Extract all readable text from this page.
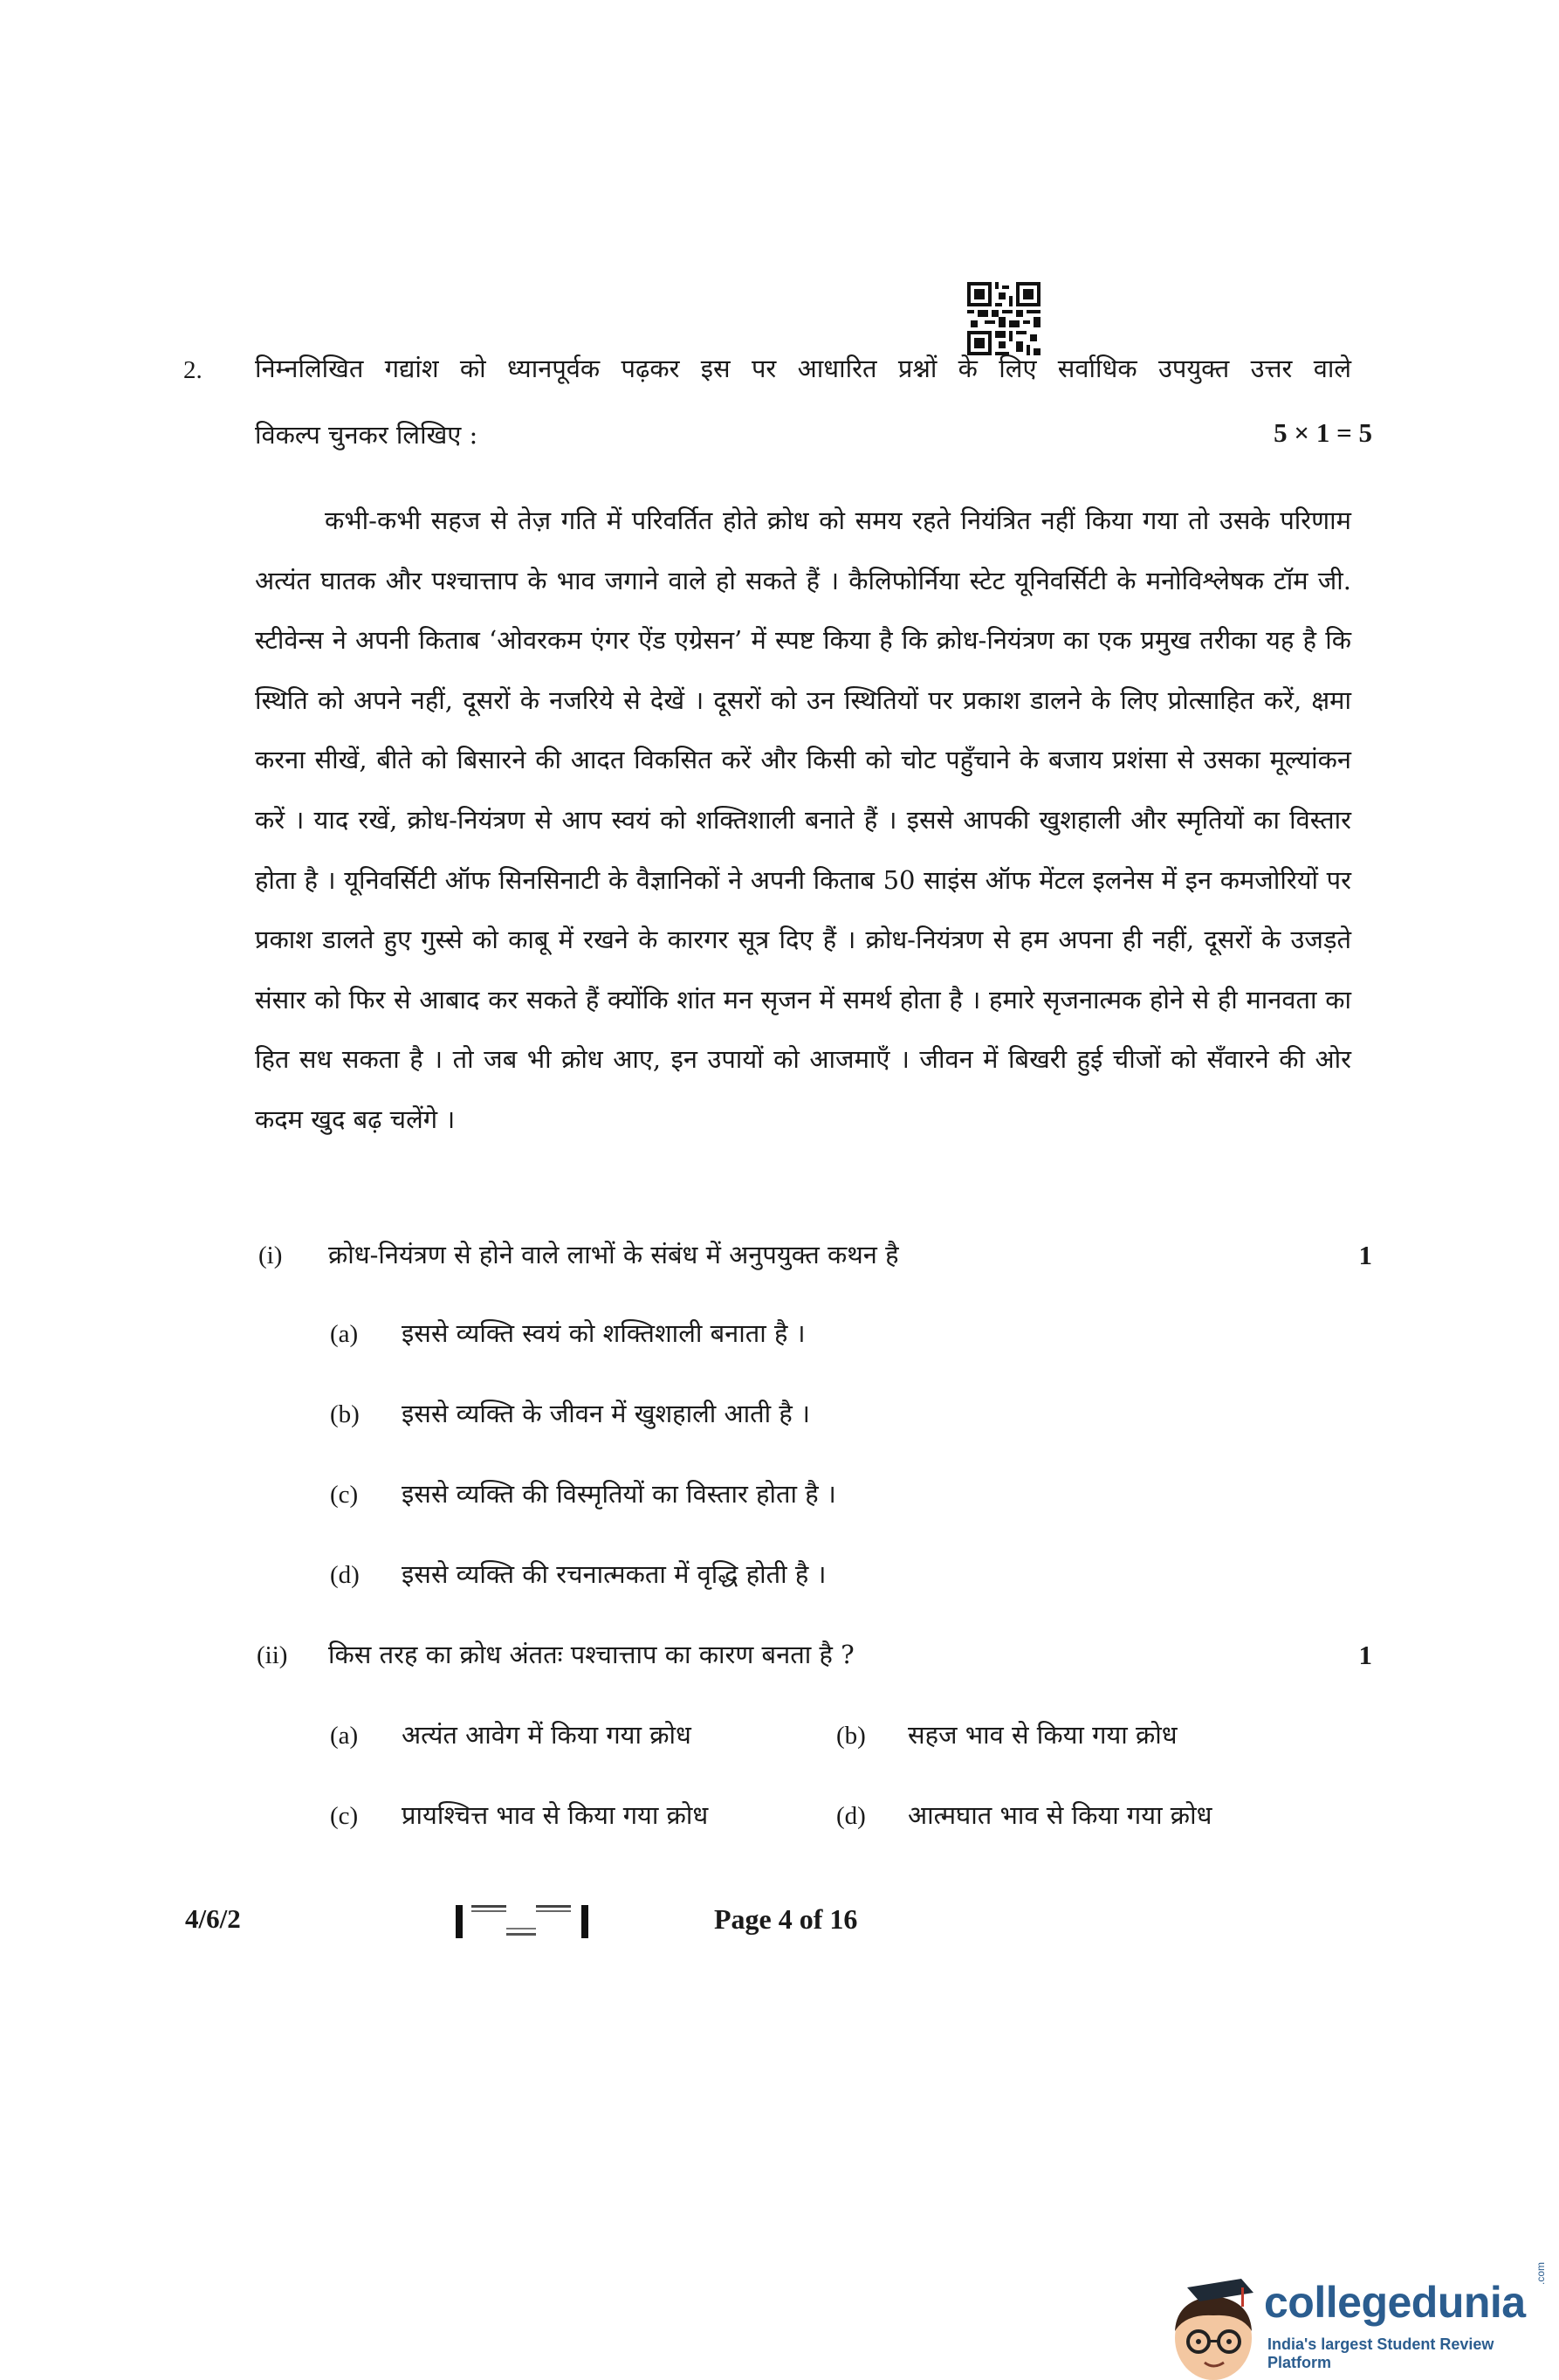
2. निम्नलिखित गद्यांश को ध्यानपूर्वक पढ़कर इस पर आधारित प्रश्नों के लिए सर्वाधिक उपयुक्त उत्तर वाले
विकल्प चुनकर लिखिए :	5 × 1 = 5

कभी-कभी सहज से तेज़ गति में परिवर्तित होते क्रोध को समय रहते नियंत्रित नहीं किया गया तो उसके परिणाम अत्यंत घातक और पश्चात्ताप के भाव जगाने वाले हो सकते हैं । कैलिफोर्निया स्टेट यूनिवर्सिटी के मनोविश्लेषक टॉम जी. स्टीवेन्स ने अपनी किताब ‘ओवरकम एंगर ऐंड एग्रेसन’ में स्पष्ट किया है कि क्रोध-नियंत्रण का एक प्रमुख तरीका यह है कि स्थिति को अपने नहीं, दूसरों के नजरिये से देखें । दूसरों को उन स्थितियों पर प्रकाश डालने के लिए प्रोत्साहित करें, क्षमा करना सीखें, बीते को बिसारने की आदत विकसित करें और किसी को चोट पहुँचाने के बजाय प्रशंसा से उसका मूल्यांकन करें । याद रखें, क्रोध-नियंत्रण से आप स्वयं को शक्तिशाली बनाते हैं । इससे आपकी खुशहाली और स्मृतियों का विस्तार होता है । यूनिवर्सिटी ऑफ सिनसिनाटी के वैज्ञानिकों ने अपनी किताब 50 साइंस ऑफ मेंटल इलनेस में इन कमजोरियों पर प्रकाश डालते हुए गुस्से को काबू में रखने के कारगर सूत्र दिए हैं । क्रोध-नियंत्रण से हम अपना ही नहीं, दूसरों के उजड़ते संसार को फिर से आबाद कर सकते हैं क्योंकि शांत मन सृजन में समर्थ होता है । हमारे सृजनात्मक होने से ही मानवता का हित सध सकता है । तो जब भी क्रोध आए, इन उपायों को आजमाएँ । जीवन में बिखरी हुई चीजों को सँवारने की ओर कदम खुद बढ़ चलेंगे ।

(i) क्रोध-नियंत्रण से होने वाले लाभों के संबंध में अनुपयुक्त कथन है	1
(a) इससे व्यक्ति स्वयं को शक्तिशाली बनाता है ।
(b) इससे व्यक्ति के जीवन में खुशहाली आती है ।
(c) इससे व्यक्ति की विस्मृतियों का विस्तार होता है ।
(d) इससे व्यक्ति की रचनात्मकता में वृद्धि होती है ।
(ii) किस तरह का क्रोध अंततः पश्चात्ताप का कारण बनता है ?	1
(a) अत्यंत आवेग में किया गया क्रोध	(b) सहज भाव से किया गया क्रोध
(c) प्रायश्चित्त भाव से किया गया क्रोध	(d) आत्मघात भाव से किया गया क्रोध
4/6/2	Page 4 of 16
collegedunia
.com
India's largest Student Review Platform
